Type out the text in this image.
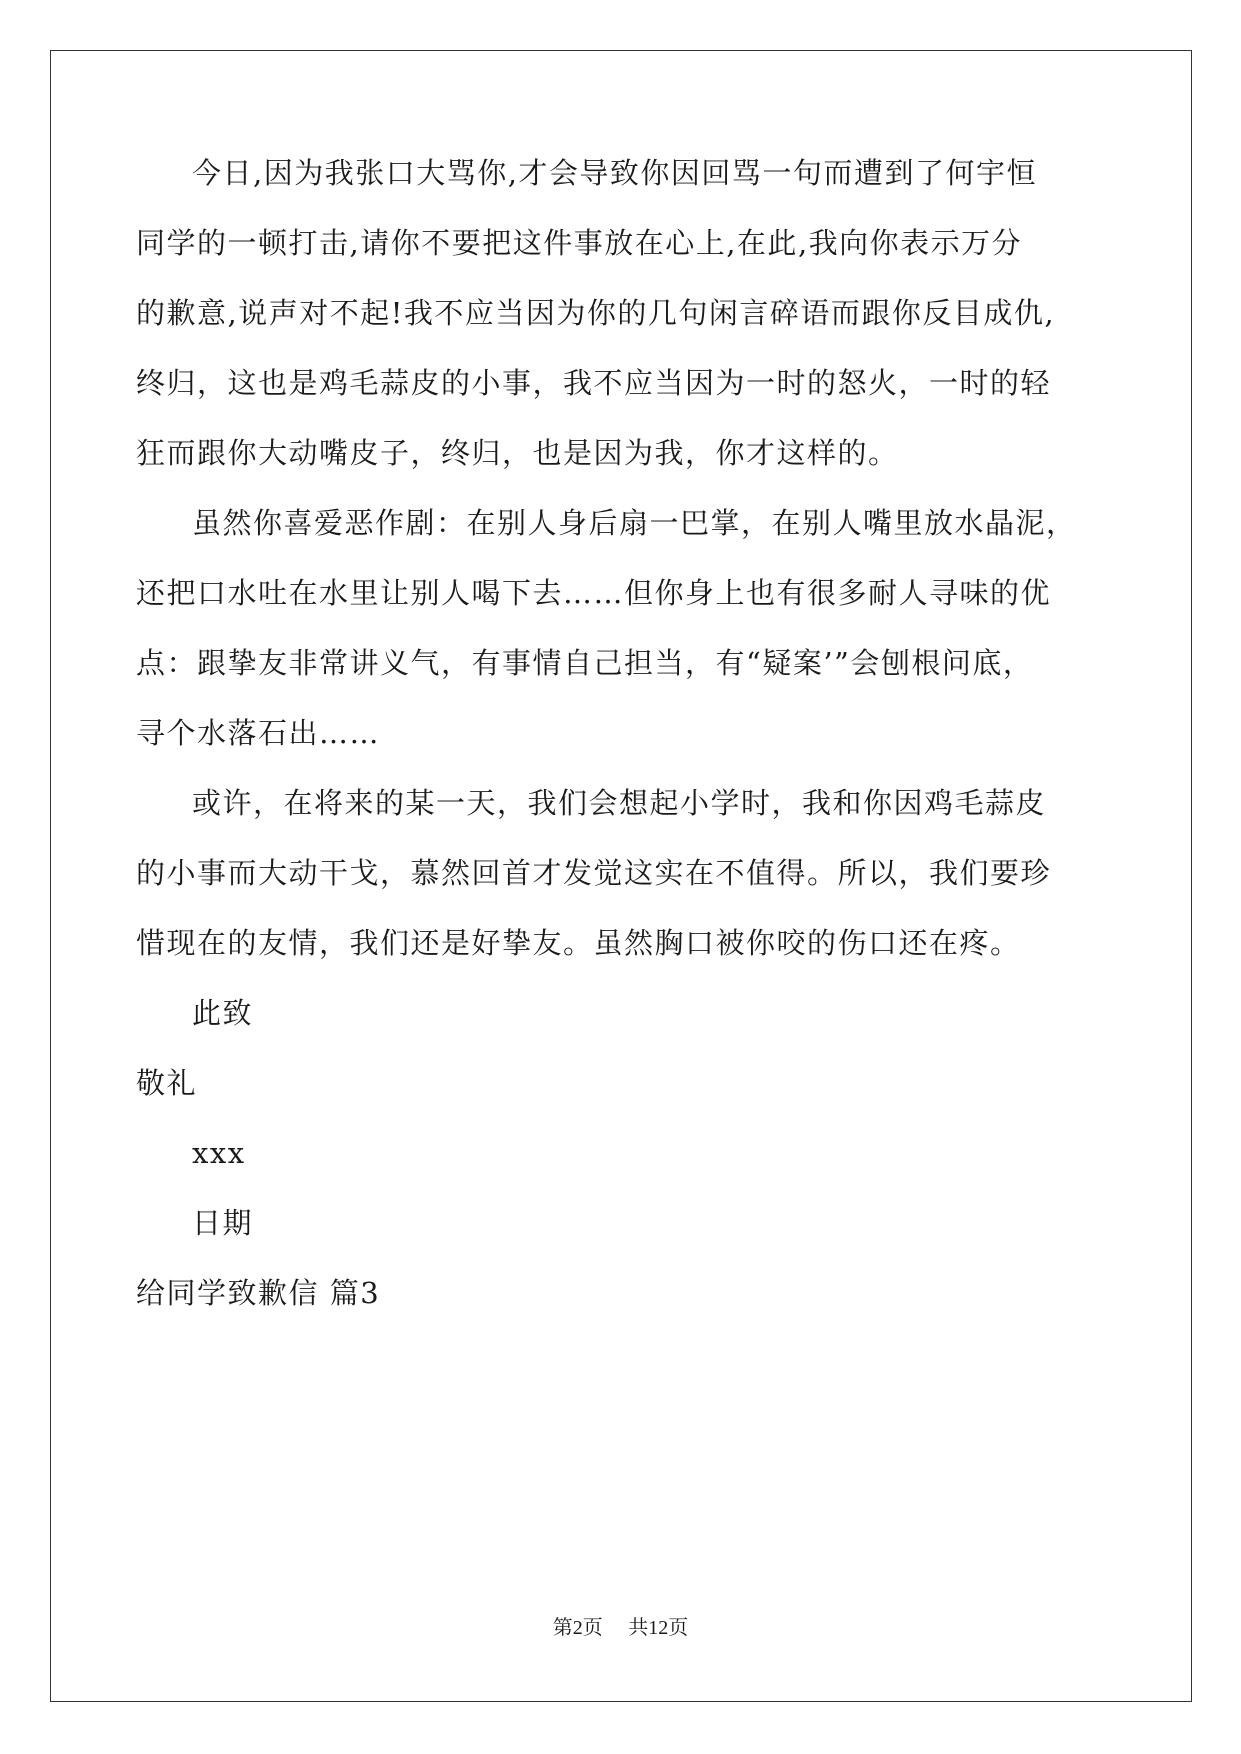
今日,因为我张口大骂你,才会导致你因回骂一句而遭到了何宇恒
同学的一顿打击,请你不要把这件事放在心上,在此,我向你表示万分
的歉意,说声对不起!我不应当因为你的几句闲言碎语而跟你反目成仇,
终归，这也是鸡毛蒜皮的小事，我不应当因为一时的怒火，一时的轻
狂而跟你大动嘴皮子，终归，也是因为我，你才这样的。
虽然你喜爱恶作剧：在别人身后扇一巴掌，在别人嘴里放水晶泥，
还把口水吐在水里让别人喝下去……但你身上也有很多耐人寻味的优
点：跟挚友非常讲义气，有事情自己担当，有“疑案’”会刨根问底，
寻个水落石出……
或许，在将来的某一天，我们会想起小学时，我和你因鸡毛蒜皮
的小事而大动干戈，慕然回首才发觉这实在不值得。所以，我们要珍
惜现在的友情，我们还是好挚友。虽然胸口被你咬的伤口还在疼。
此致
敬礼
xxx
日期
给同学致歉信 篇3
第2页 共12页
